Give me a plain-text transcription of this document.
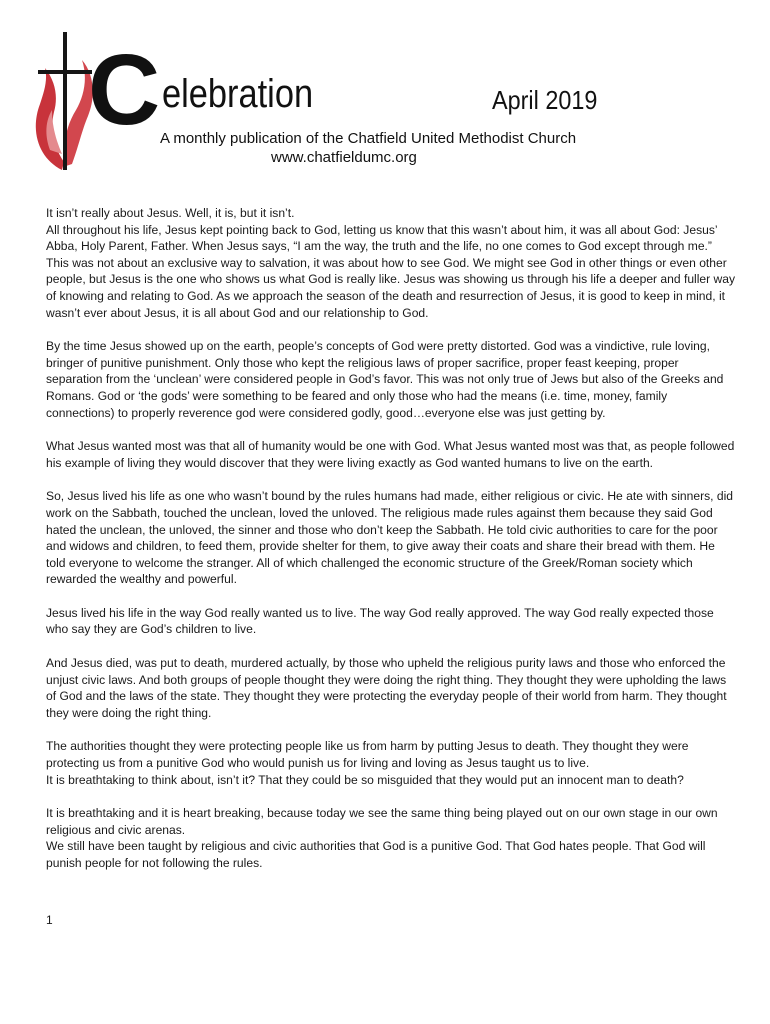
C elebration	April 2019
A monthly publication of the Chatfield United Methodist Church
www.chatfieldumc.org

It isn’t really about Jesus. Well, it is, but it isn’t.
All throughout his life, Jesus kept pointing back to God, letting us know that this wasn’t about him, it was all about God: Jesus’ Abba, Holy Parent, Father. When Jesus says, “I am the way, the truth and the life, no one comes to God except through me.” This was not about an exclusive way to salvation, it was about how to see God. We might see God in other things or even other people, but Jesus is the one who shows us what God is really like. Jesus was showing us through his life a deeper and fuller way of knowing and relating to God. As we approach the season of the death and resurrection of Jesus, it is good to keep in mind, it wasn’t ever about Jesus, it is all about God and our relationship to God.

By the time Jesus showed up on the earth, people’s concepts of God were pretty distorted. God was a vindictive, rule loving, bringer of punitive punishment. Only those who kept the religious laws of proper sacrifice, proper feast keeping, proper separation from the ‘unclean’ were considered people in God’s favor. This was not only true of Jews but also of the Greeks and Romans. God or ‘the gods’ were something to be feared and only those who had the means (i.e. time, money, family connections) to properly reverence god were considered godly, good…everyone else was just getting by.

What Jesus wanted most was that all of humanity would be one with God. What Jesus wanted most was that, as people followed his example of living they would discover that they were living exactly as God wanted humans to live on the earth.

So, Jesus lived his life as one who wasn’t bound by the rules humans had made, either religious or civic. He ate with sinners, did work on the Sabbath, touched the unclean, loved the unloved. The religious made rules against them because they said God hated the unclean, the unloved, the sinner and those who don’t keep the Sabbath. He told civic authorities to care for the poor and widows and children, to feed them, provide shelter for them, to give away their coats and share their bread with them. He told everyone to welcome the stranger. All of which challenged the economic structure of the Greek/Roman society which rewarded the wealthy and powerful.

Jesus lived his life in the way God really wanted us to live. The way God really approved. The way God really expected those who say they are God’s children to live.

And Jesus died, was put to death, murdered actually, by those who upheld the religious purity laws and those who enforced the unjust civic laws. And both groups of people thought they were doing the right thing. They thought they were upholding the laws of God and the laws of the state. They thought they were protecting the everyday people of their world from harm. They thought they were doing the right thing.

The authorities thought they were protecting people like us from harm by putting Jesus to death. They thought they were protecting us from a punitive God who would punish us for living and loving as Jesus taught us to live.
It is breathtaking to think about, isn’t it? That they could be so misguided that they would put an innocent man to death?

It is breathtaking and it is heart breaking, because today we see the same thing being played out on our own stage in our own religious and civic arenas.
We still have been taught by religious and civic authorities that God is a punitive God. That God hates people. That God will punish people for not following the rules.

1
